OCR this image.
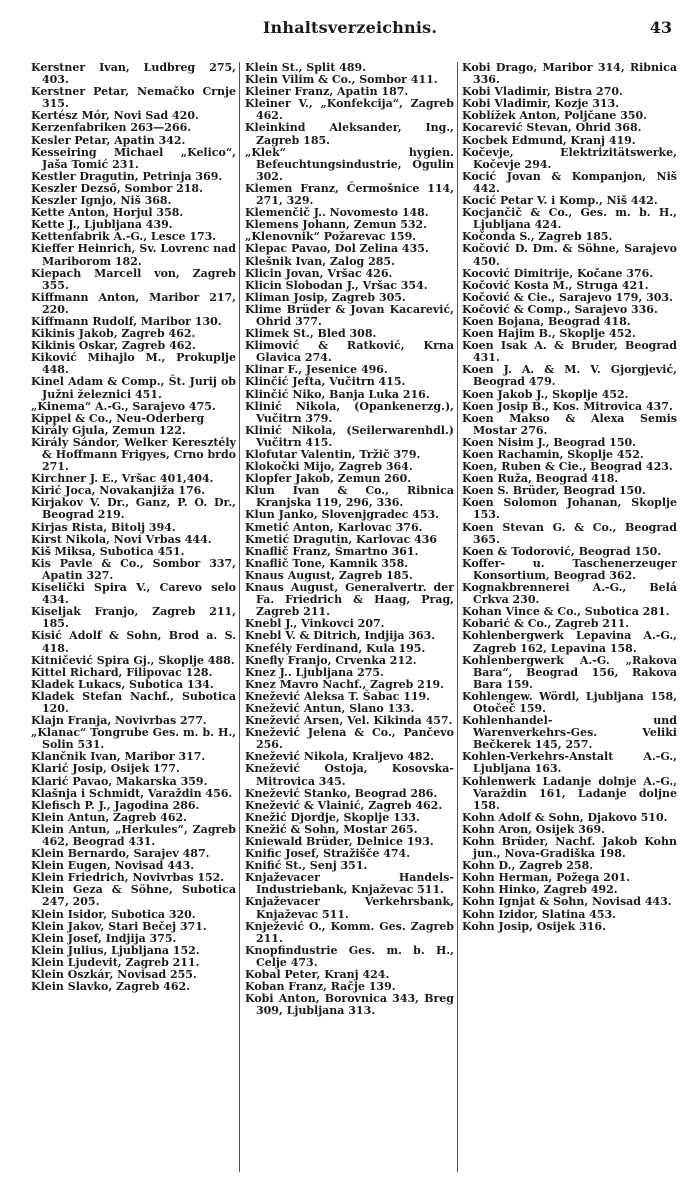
Inhaltsverzeichnis.	43
Kerstner Ivan, Ludbreg 275, 403.
Kerstner Petar, Nemačko Crnje 315.
Kertész Mór, Novi Sad 420.
Kerzenfabriken 263—266.
Kesler Petar, Apatin 342.
Kesseiring Michael „Kelico“, Jaša Tomić 231.
Kestler Dragutin, Petrinja 369.
Keszler Dezső, Sombor 218.
Keszler Ignjo, Niš 368.
Kette Anton, Horjul 358.
Kette J., Ljubljana 439.
Kettenfabrik A.-G., Lesce 173.
Kieffer Heinrich, Sv. Lovrenc nad Mariborom 182.
Kiepach Marcell von, Zagreb 355.
Kiffmann Anton, Maribor 217, 220.
Kiffmann Rudolf, Maribor 130.
Kikinis Jakob, Zagreb 462.
Kikinis Oskar, Zagreb 462.
Kiković Mihajlo M., Prokuplje 448.
Kinel Adam & Comp., Št. Jurij ob Južni železnici 451.
„Kinema“ A.-G., Sarajevo 475.
Kippel & Co., Neu-Oderberg
Király Gjula, Zemun 122.
Király Sándor, Welker Keresztély & Hoffmann Frigyes, Crno brdo 271.
Kirchner J. E., Vršac 401,404.
Kirić Joca, Novakanjiža 176.
Kirjakov V. Dr., Ganz, P. O. Dr., Beograd 219.
Kirjas Rista, Bitolj 394.
Kirst Nikola, Novi Vrbas 444.
Kiš Miksa, Subotica 451.
Kis Pavle & Co., Sombor 337, Apatin 327.
Kiselički Spira V., Carevo selo 434.
Kiseljak Franjo, Zagreb 211, 185.
Kisić Adolf & Sohn, Brod a. S. 418.
Kitničević Spira Gj., Skoplje 488.
Kittel Richard, Filipovac 128.
Kladek Lukacs, Subotica 134.
Kladek Stefan Nachf., Subotica 120.
Klajn Franja, Novivrbas 277.
„Klanac“ Tongrube Ges. m. b. H., Solin 531.
Klančnik Ivan, Maribor 317.
Klarić Josip, Osijek 177.
Klarić Pavao, Makarska 359.
Klašnja i Schmidt, Varaždin 456.
Klefisch P. J., Jagodina 286.
Klein Antun, Zagreb 462.
Klein Antun, „Herkules“, Zagreb 462, Beograd 431.
Klein Bernardo, Sarajev 487.
Klein Eugen, Novisad 443.
Klein Friedrich, Novivrbas 152.
Klein Geza & Söhne, Subotica 247, 205.
Klein Isidor, Subotica 320.
Klein Jakov, Stari Bečej 371.
Klein Josef, Indjija 375.
Klein Julius, Ljubljana 152.
Klein Ljudevit, Zagreb 211.
Klein Oszkár, Novisad 255.
Klein Slavko, Zagreb 462.
Klein St., Split 489.
Klein Vilim & Co., Sombor 411.
Kleiner Franz, Apatin 187.
Kleiner V., „Konfekcija“, Zagreb 462.
Kleinkind Aleksander, Ing., Zagreb 185.
„Klek“ hygien. Befeuchtungsindustrie, Ogulin 302.
Klemen Franz, Čermošnice 114, 271, 329.
Klemenčič J.. Novomesto 148.
Klemens Johann, Zemun 532.
„Klenovnik“ Požarevac 159.
Klepac Pavao, Dol Zelina 435.
Klešnik Ivan, Zalog 285.
Klicin Jovan, Vršac 426.
Klicin Slobodan J., Vršac 354.
Kliman Josip, Zagreb 305.
Klime Brüder & Jovan Kacarević, Ohrid 377.
Klimek St., Bled 308.
Klimović & Ratković, Krna Glavica 274.
Klinar F., Jesenice 496.
Klinčić Jefta, Vučitrn 415.
Klinčić Niko, Banja Luka 216.
Klinić Nikola, (Opankenerzg.), Vučitrn 379.
Klinić Nikola, (Seilerwarenhdl.) Vučitrn 415.
Klofutar Valentin, Tržič 379.
Klokočki Mijo, Zagreb 364.
Klopfer Jakob, Zemun 260.
Klun Ivan & Co., Ribnica Kranjska 119, 296, 336.
Klun Janko, Slovenjgradec 453.
Kmetić Anton, Karlovac 376.
Kmetić Dragutin, Karlovac 436
Knaflič Franz, Šmartno 361.
Knaflič Tone, Kamnik 358.
Knaus August, Zagreb 185.
Knaus August, Generalvertr. der Fa. Friedrich & Haag, Prag, Zagreb 211.
Knebl J., Vinkovci 207.
Knebl V. & Ditrich, Indjija 363.
Knefély Ferdinand, Kula 195.
Knefly Franjo, Crvenka 212.
Knez J.. Ljubljana 275.
Knez Mavro Nachf., Zagreb 219.
Knežević Aleksa T. Šabac 119.
Knežević Antun, Slano 133.
Knežević Arsen, Vel. Kikinda 457.
Knežević Jelena & Co., Pančevo 256.
Knežević Nikola, Kraljevo 482.
Knežević Ostoja, Kosovska-Mitrovica 345.
Knežević Stanko, Beograd 286.
Knežević & Vlainić, Zagreb 462.
Knežić Djordje, Skoplje 133.
Knežić & Sohn, Mostar 265.
Kniewald Brüder, Delnice 193.
Knific Josef, Stražišče 474.
Knifić St., Senj 351.
Knjaževacer Handels-Industriebank, Knjaževac 511.
Knjaževacer Verkehrsbank, Knjaževac 511.
Knježević O., Komm. Ges. Zagreb 211.
Knopfindustrie Ges. m. b. H., Celje 473.
Kobal Peter, Kranj 424.
Koban Franz, Račje 139.
Kobi Anton, Borovnica 343, Breg 309, Ljubljana 313.
Kobi Drago, Maribor 314, Ribnica 336.
Kobi Vladimir, Bistra 270.
Kobi Vladimir, Kozje 313.
Koblížek Anton, Poljčane 350.
Kocarević Stevan, Ohrid 368.
Kocbek Edmund, Kranj 419.
Kočevje, Elektrizitätswerke, Kočevje 294.
Kocić Jovan & Kompanjon, Niš 442.
Kocić Petar V. i Komp., Niš 442.
Kocjančič & Co., Ges. m. b. H., Ljubljana 424.
Kočonda S., Zagreb 185.
Kočović D. Dm. & Söhne, Sarajevo 450.
Kocović Dimitrije, Kočane 376.
Kočović Kosta M., Struga 421.
Kočović & Cie., Sarajevo 179, 303.
Kočović & Comp., Sarajevo 336.
Koen Bojana, Beograd 418.
Koen Hajim B., Skoplje 452.
Koen Isak A. & Bruder, Beograd 431.
Koen J. A. & M. V. Gjorgjević, Beograd 479.
Koen Jakob J., Skoplje 452.
Koen Josip B., Kos. Mitrovica 437.
Koen Makso & Alexa Semis Mostar 276.
Koen Nisim J., Beograd 150.
Koen Rachamin, Skoplje 452.
Koen, Ruben & Cie., Beograd 423.
Koen Ruža, Beograd 418.
Koen S. Brüder, Beograd 150.
Koen Solomon Johanan, Skoplje 153.
Koen Stevan G. & Co., Beograd 365.
Koen & Todorović, Beograd 150.
Koffer- u. Taschenerzeuger Konsortium, Beograd 362.
Kognakbrennerei A.-G., Belá Crkva 230.
Kohan Vince & Co., Subotica 281.
Kobarić & Co., Zagreb 211.
Kohlenbergwerk Lepavina A.-G., Zagreb 162, Lepavina 158.
Kohlenbergwerk A.-G. „Rakova Bara“, Beograd 156, Rakova Bara 159.
Kohlengew. Wördl, Ljubljana 158, Otočeč 159.
Kohlenhandel- und Warenverkehrs-Ges. Veliki Bečkerek 145, 257.
Kohlen-Verkehrs-Anstalt A.-G., Ljubljana 163.
Kohlenwerk Ladanje dolnje A.-G., Varaždin 161, Ladanje doljne 158.
Kohn Adolf & Sohn, Djakovo 510.
Kohn Aron, Osijek 369.
Kohn Brüder, Nachf. Jakob Kohn jun., Nova-Gradiška 198.
Kohn D., Zagreb 258.
Kohn Herman, Požega 201.
Kohn Hinko, Zagreb 492.
Kohn Ignjat & Sohn, Novisad 443.
Kohn Izidor, Slatina 453.
Kohn Josip, Osijek 316.
